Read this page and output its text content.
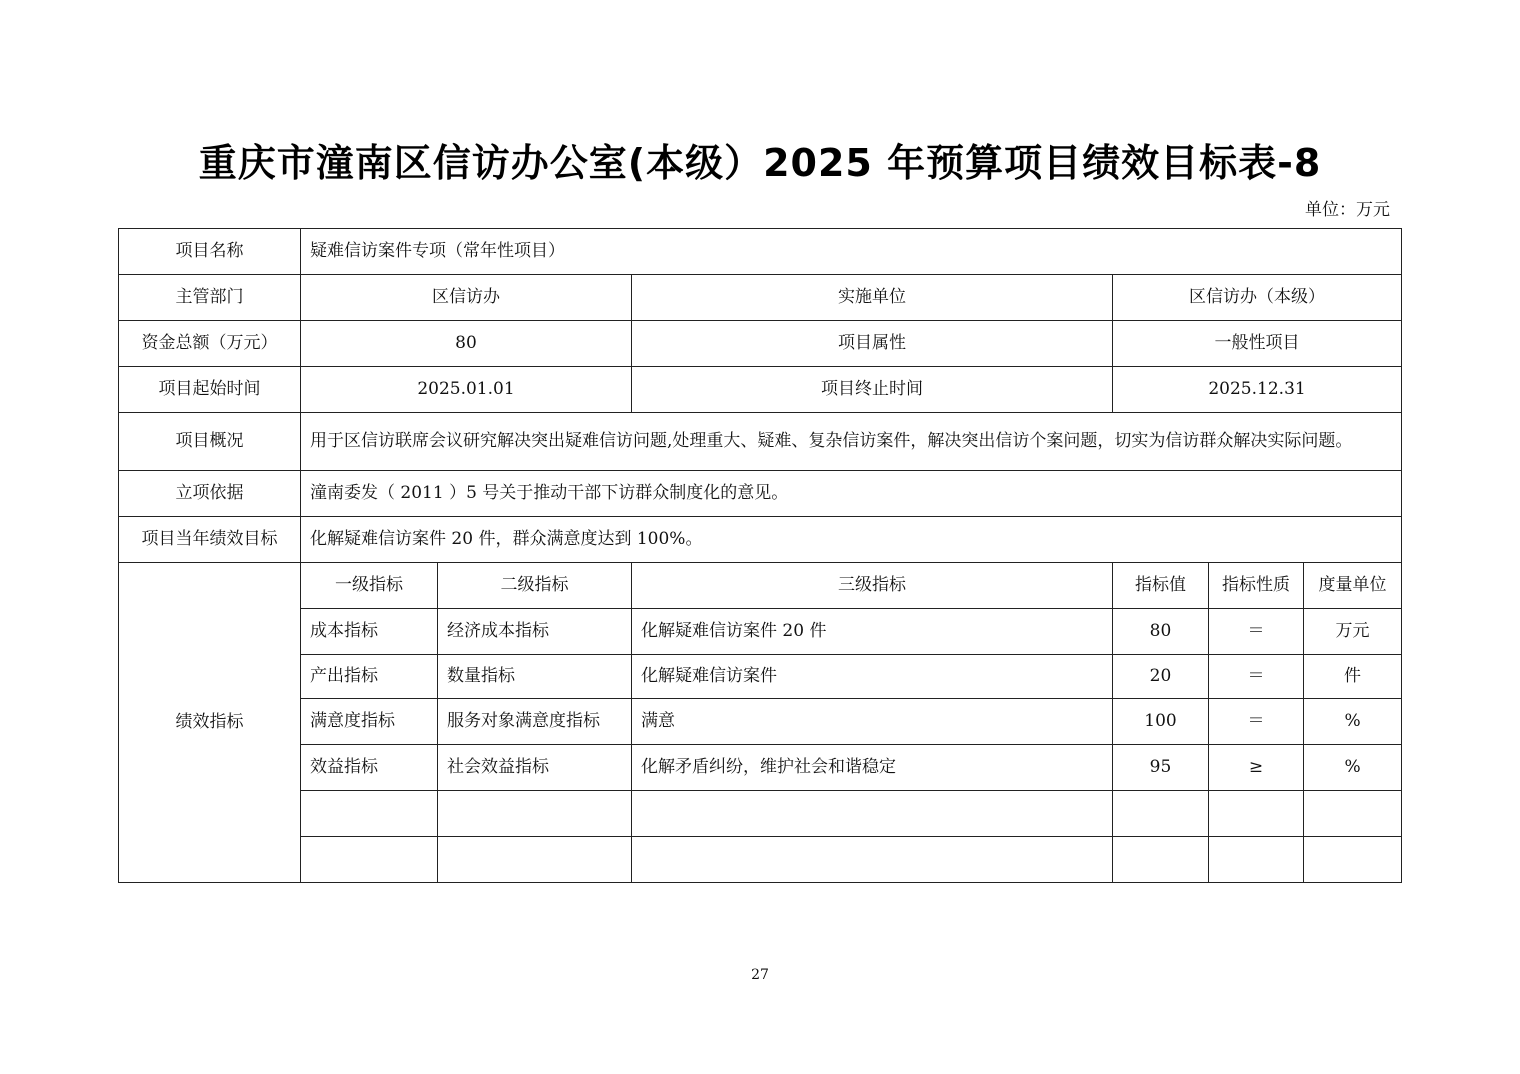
重庆市潼南区信访办公室(本级）2025 年预算项目绩效目标表-8
单位：万元
项目名称	疑难信访案件专项（常年性项目）					
主管部门	区信访办		实施单位	区信访办（本级）		
资金总额（万元）	80		项目属性	一般性项目		
项目起始时间	2025.01.01		项目终止时间	2025.12.31		
项目概况	用于区信访联席会议研究解决突出疑难信访问题,处理重大、疑难、复杂信访案件，解决突出信访个案问题，切实为信访群众解决实际问题。					
立项依据	潼南委发（ 2011 ）5 号关于推动干部下访群众制度化的意见。					
项目当年绩效目标	化解疑难信访案件 20 件，群众满意度达到 100%。					
绩效指标	一级指标	二级指标	三级指标	指标值	指标性质	度量单位
	成本指标	经济成本指标	化解疑难信访案件 20 件	80	＝	万元
	产出指标	数量指标	化解疑难信访案件	20	＝	件
	满意度指标	服务对象满意度指标	满意	100	＝	%
	效益指标	社会效益指标	化解矛盾纠纷，维护社会和谐稳定	95	≥	%

27
